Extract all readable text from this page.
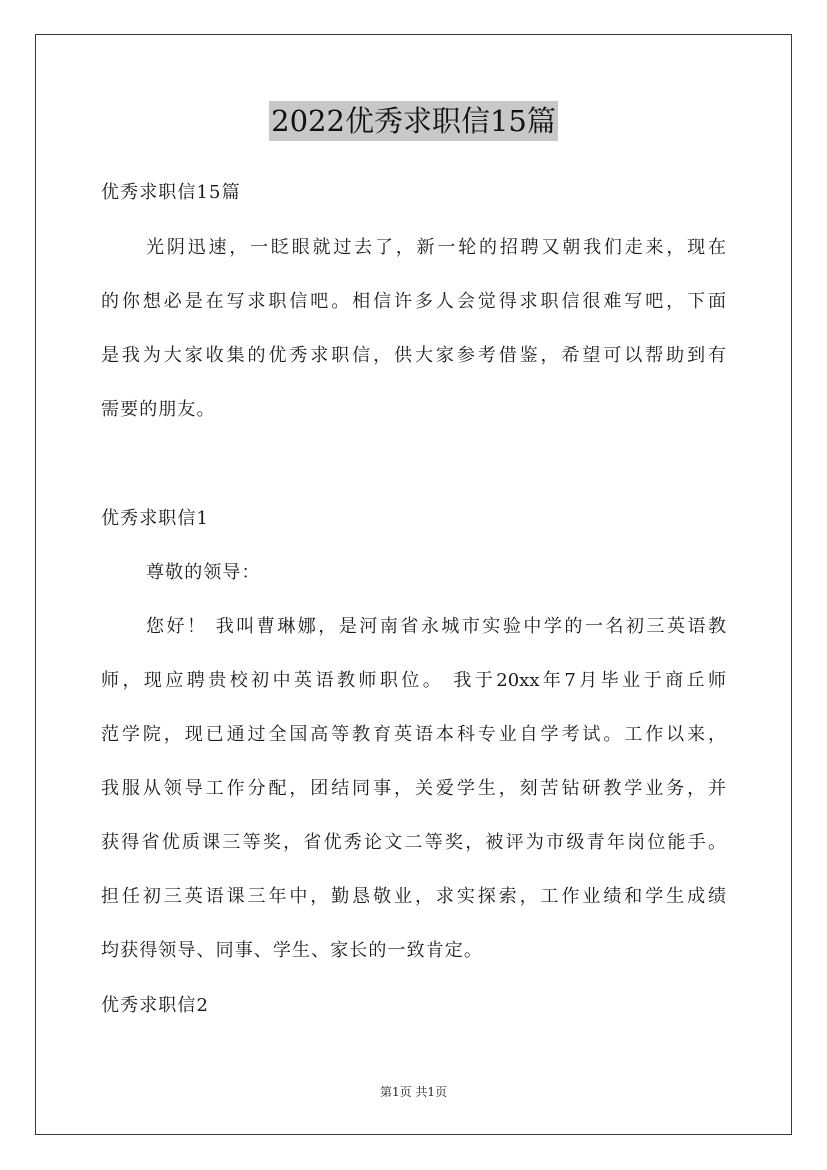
2022优秀求职信15篇
优秀求职信15篇
光阴迅速，一眨眼就过去了，新一轮的招聘又朝我们走来，现在
的你想必是在写求职信吧。相信许多人会觉得求职信很难写吧，下面
是我为大家收集的优秀求职信，供大家参考借鉴，希望可以帮助到有
需要的朋友。
优秀求职信1
尊敬的领导：
您好！ 我叫曹琳娜，是河南省永城市实验中学的一名初三英语教
师，现应聘贵校初中英语教师职位。 我于20xx年7月毕业于商丘师
范学院，现已通过全国高等教育英语本科专业自学考试。工作以来，
我服从领导工作分配，团结同事，关爱学生，刻苦钻研教学业务，并
获得省优质课三等奖，省优秀论文二等奖，被评为市级青年岗位能手。
担任初三英语课三年中，勤恳敬业，求实探索，工作业绩和学生成绩
均获得领导、同事、学生、家长的一致肯定。
优秀求职信2
第1页 共1页
